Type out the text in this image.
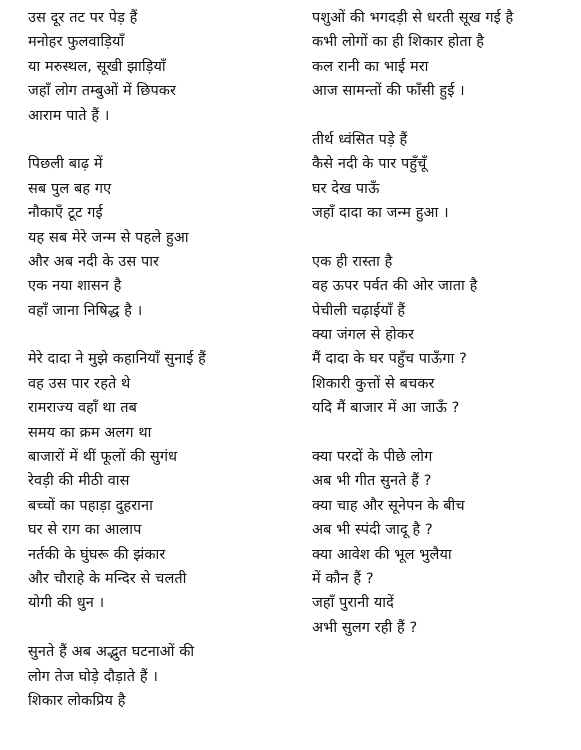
उस दूर तट पर पेड़ हैं
मनोहर फुलवाड़ियाँ
या मरुस्थल, सूखी झाड़ियाँ
जहाँ लोग तम्बुओं में छिपकर
आराम पाते हैं ।
पिछली बाढ़ में
सब पुल बह गए
नौकाएँ टूट गई
यह सब मेरे जन्म से पहले हुआ
और अब नदी के उस पार
एक नया शासन है
वहाँ जाना निषिद्ध है ।
मेरे दादा ने मुझे कहानियाँ सुनाई हैं
वह उस पार रहते थे
रामराज्य वहाँ था तब
समय का क्रम अलग था
बाजारों में थीं फूलों की सुगंध
रेवड़ी की मीठी वास
बच्चों का पहाड़ा दुहराना
घर से राग का आलाप
नर्तकी के घुंघरू की झंकार
और चौराहे के मन्दिर से चलती
योगी की धुन ।
सुनते हैं अब अद्भुत घटनाओं की
लोग तेज घोड़े दौड़ाते हैं ।
शिकार लोकप्रिय है
पशुओं की भगदड़ी से धरती सूख गई है
कभी लोगों का ही शिकार होता है
कल रानी का भाई मरा
आज सामन्तों की फाँसी हुई ।
तीर्थ ध्वंसित पड़े हैं
कैसे नदी के पार पहुँचूँ
घर देख पाऊँ
जहाँ दादा का जन्म हुआ ।
एक ही रास्ता है
वह ऊपर पर्वत की ओर जाता है
पेचीली चढ़ाईयाँ हैं
क्या जंगल से होकर
मैं दादा के घर पहुँच पाऊँगा ?
शिकारी कुत्तों से बचकर
यदि मैं बाजार में आ जाऊँ ?
क्या परदों के पीछे लोग
अब भी गीत सुनते हैं ?
क्या चाह और सूनेपन के बीच
अब भी स्पंदी जादू है ?
क्या आवेश की भूल भुलैया
में कौन हैं ?
जहाँ पुरानी यादें
अभी सुलग रही हैं ?
